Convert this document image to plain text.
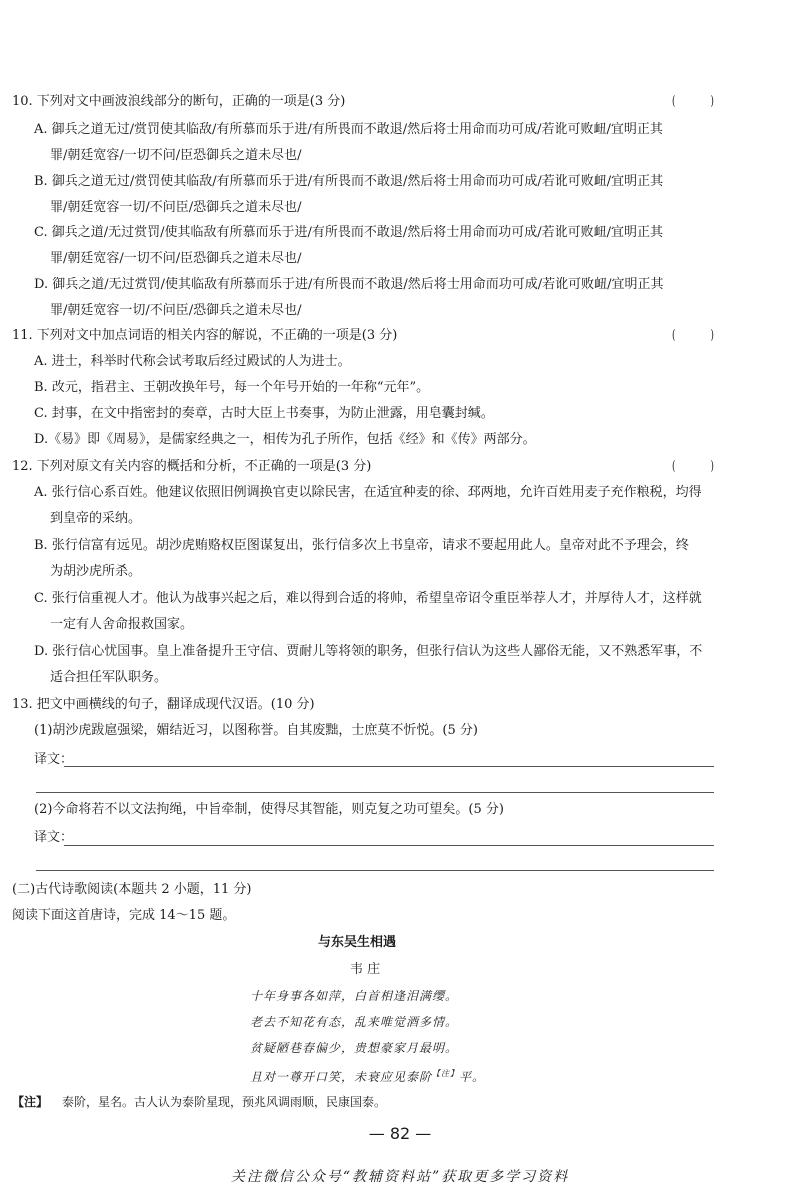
10. 下列对文中画波浪线部分的断句，正确的一项是(3 分)	( )
A. 御兵之道无过/赏罚使其临敌/有所慕而乐于进/有所畏而不敢退/然后将士用命而功可成/若讹可败衄/宜明正其
罪/朝廷宽容/一切不问/臣恐御兵之道未尽也/
B. 御兵之道无过/赏罚使其临敌/有所慕而乐于进/有所畏而不敢退/然后将士用命而功可成/若讹可败衄/宜明正其
罪/朝廷宽容一切/不问臣/恐御兵之道未尽也/
C. 御兵之道/无过赏罚/使其临敌有所慕而乐于进/有所畏而不敢退/然后将士用命而功可成/若讹可败衄/宜明正其
罪/朝廷宽容/一切不问/臣恐御兵之道未尽也/
D. 御兵之道/无过赏罚/使其临敌有所慕而乐于进/有所畏而不敢退/然后将士用命而功可成/若讹可败衄/宜明正其
罪/朝廷宽容一切/不问臣/恐御兵之道未尽也/
11. 下列对文中加点词语的相关内容的解说，不正确的一项是(3 分)	( )
A. 进士，科举时代称会试考取后经过殿试的人为进士。
B. 改元，指君主、王朝改换年号，每一个年号开始的一年称“元年”。
C. 封事，在文中指密封的奏章，古时大臣上书奏事，为防止泄露，用皂囊封缄。
D.《易》即《周易》，是儒家经典之一，相传为孔子所作，包括《经》和《传》两部分。
12. 下列对原文有关内容的概括和分析，不正确的一项是(3 分)	( )
A. 张行信心系百姓。他建议依照旧例调换官吏以除民害，在适宜种麦的徐、邳两地，允许百姓用麦子充作粮税，均得
到皇帝的采纳。
B. 张行信富有远见。胡沙虎贿赂权臣图谋复出，张行信多次上书皇帝，请求不要起用此人。皇帝对此不予理会，终
为胡沙虎所杀。
C. 张行信重视人才。他认为战事兴起之后，难以得到合适的将帅，希望皇帝诏令重臣举荐人才，并厚待人才，这样就
一定有人舍命报救国家。
D. 张行信心忧国事。皇上准备提升王守信、贾耐儿等将领的职务，但张行信认为这些人鄙俗无能，又不熟悉军事，不
适合担任军队职务。
13. 把文中画横线的句子，翻译成现代汉语。(10 分)
(1)胡沙虎跋扈强梁，媚结近习，以图称誉。自其废黜，士庶莫不忻悦。(5 分)
译文：
(2)今命将若不以文法拘绳，中旨牵制，使得尽其智能，则克复之功可望矣。(5 分)
译文：
(二)古代诗歌阅读(本题共 2 小题，11 分)
阅读下面这首唐诗，完成 14～15 题。
与东吴生相遇
韦 庄
十年身事各如萍，白首相逢泪满缨。
老去不知花有态，乱来唯觉酒多情。
贫疑陋巷春偏少，贵想豪家月最明。
且对一尊开口笑，未衰应见泰阶$^{【注】}$平。
【注】 泰阶，星名。古人认为泰阶星现，预兆风调雨顺，民康国泰。
— 82 —
关注微信公众号“教辅资料站”获取更多学习资料
